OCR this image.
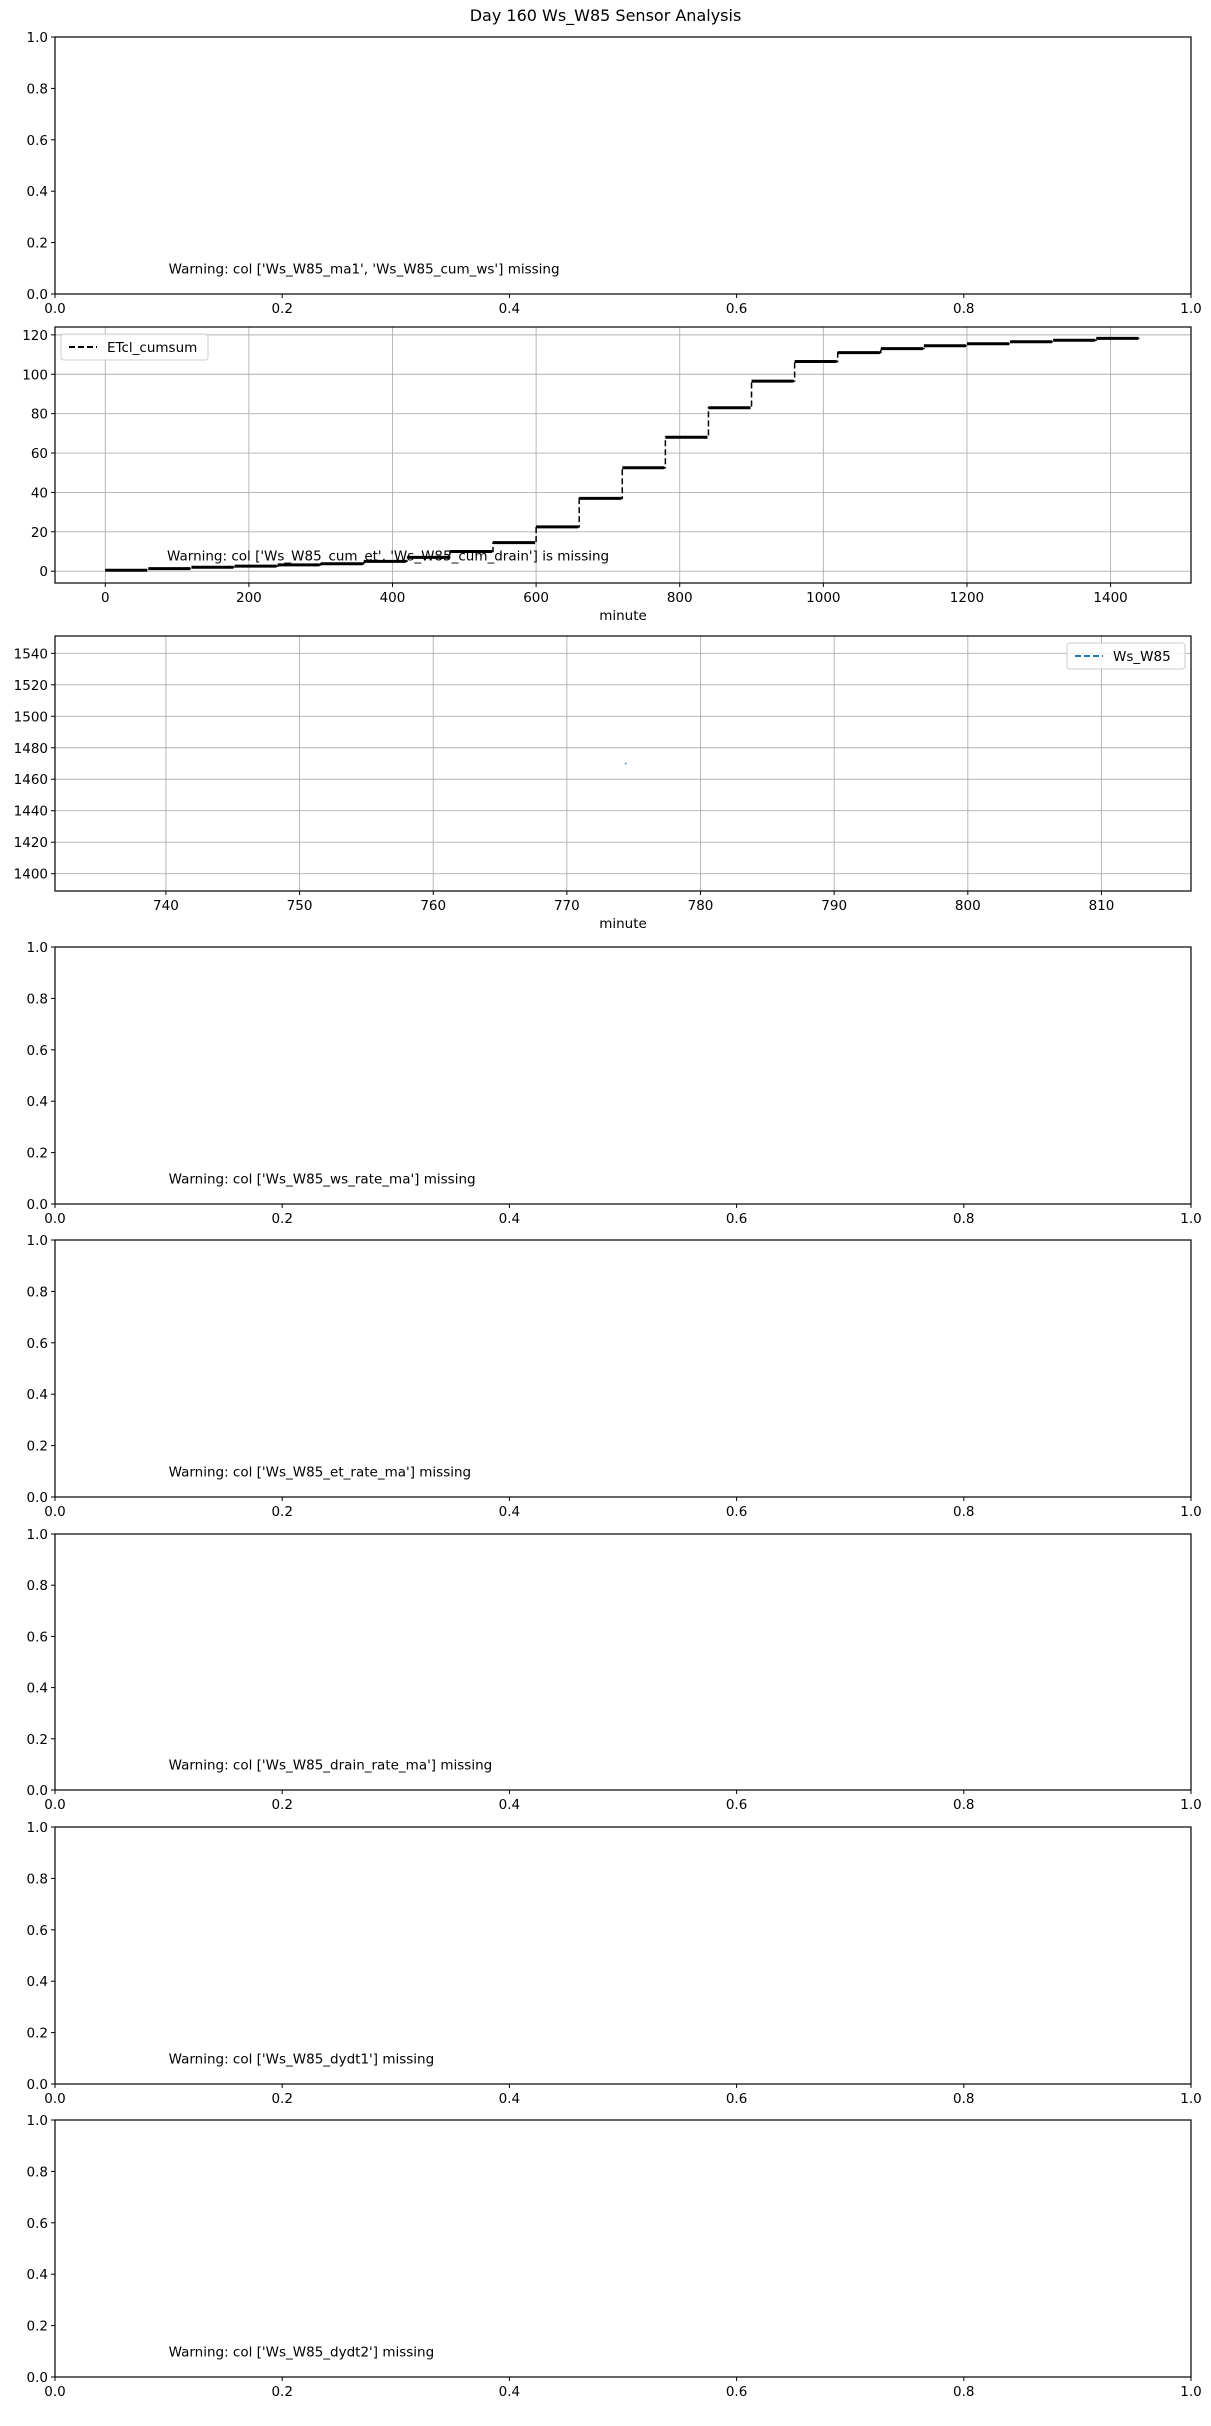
Day 160 Ws_W85 Sensor Analysis
0.0	0.2	0.4	0.6	0.8	1.0
0.0
0.2
0.4
0.6
0.8
1.0
Warning: col ['Ws_W85_ma1', 'Ws_W85_cum_ws'] missing
0	200	400	600	800	1000	1200	1400
0
20
40
60
80
100
120
minute
Warning: col ['Ws_W85_cum_et', 'Ws_W85_cum_drain'] is missing
ETcl_cumsum
740	750	760	770	780	790	800	810
1400
1420
1440
1460
1480
1500
1520
1540
minute
Ws_W85
0.0	0.2	0.4	0.6	0.8	1.0
0.0
0.2
0.4
0.6
0.8
1.0
Warning: col ['Ws_W85_ws_rate_ma'] missing
0.0	0.2	0.4	0.6	0.8	1.0
0.0
0.2
0.4
0.6
0.8
1.0
Warning: col ['Ws_W85_et_rate_ma'] missing
0.0	0.2	0.4	0.6	0.8	1.0
0.0
0.2
0.4
0.6
0.8
1.0
Warning: col ['Ws_W85_drain_rate_ma'] missing
0.0	0.2	0.4	0.6	0.8	1.0
0.0
0.2
0.4
0.6
0.8
1.0
Warning: col ['Ws_W85_dydt1'] missing
0.0	0.2	0.4	0.6	0.8	1.0
0.0
0.2
0.4
0.6
0.8
1.0
Warning: col ['Ws_W85_dydt2'] missing
